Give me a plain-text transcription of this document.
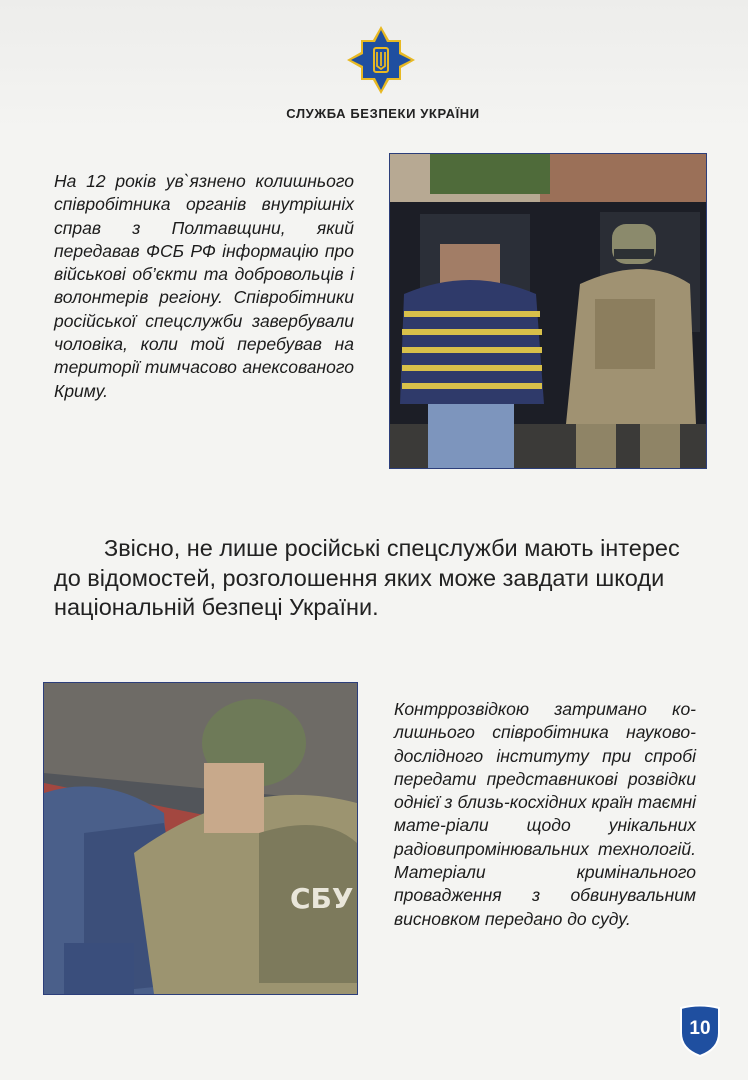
СЛУЖБА БЕЗПЕКИ УКРАЇНИ
На 12 років ув`язнено колишнього співробітника органів внутрішніх справ з Полтавщини, який передавав ФСБ РФ інформацію про військові об’єкти та добровольців і волонтерів регіону. Співробітники російської спецслужби завербували чоловіка, коли той перебував на території тимчасово анексованого Криму.
Звісно, не лише російські спецслужби мають інтерес до відомостей, розголошення яких може завдати шкоди національній безпеці України.
СБУ
Контррозвідкою затримано ко-лишнього співробітника науково-дослідного інституту при спробі передати представникові розвідки однієї з близь-косхідних країн таємні мате-ріали щодо унікальних радіовипромінювальних технологій. Матеріали кримінального провадження з обвинувальним висновком передано до суду.
10
